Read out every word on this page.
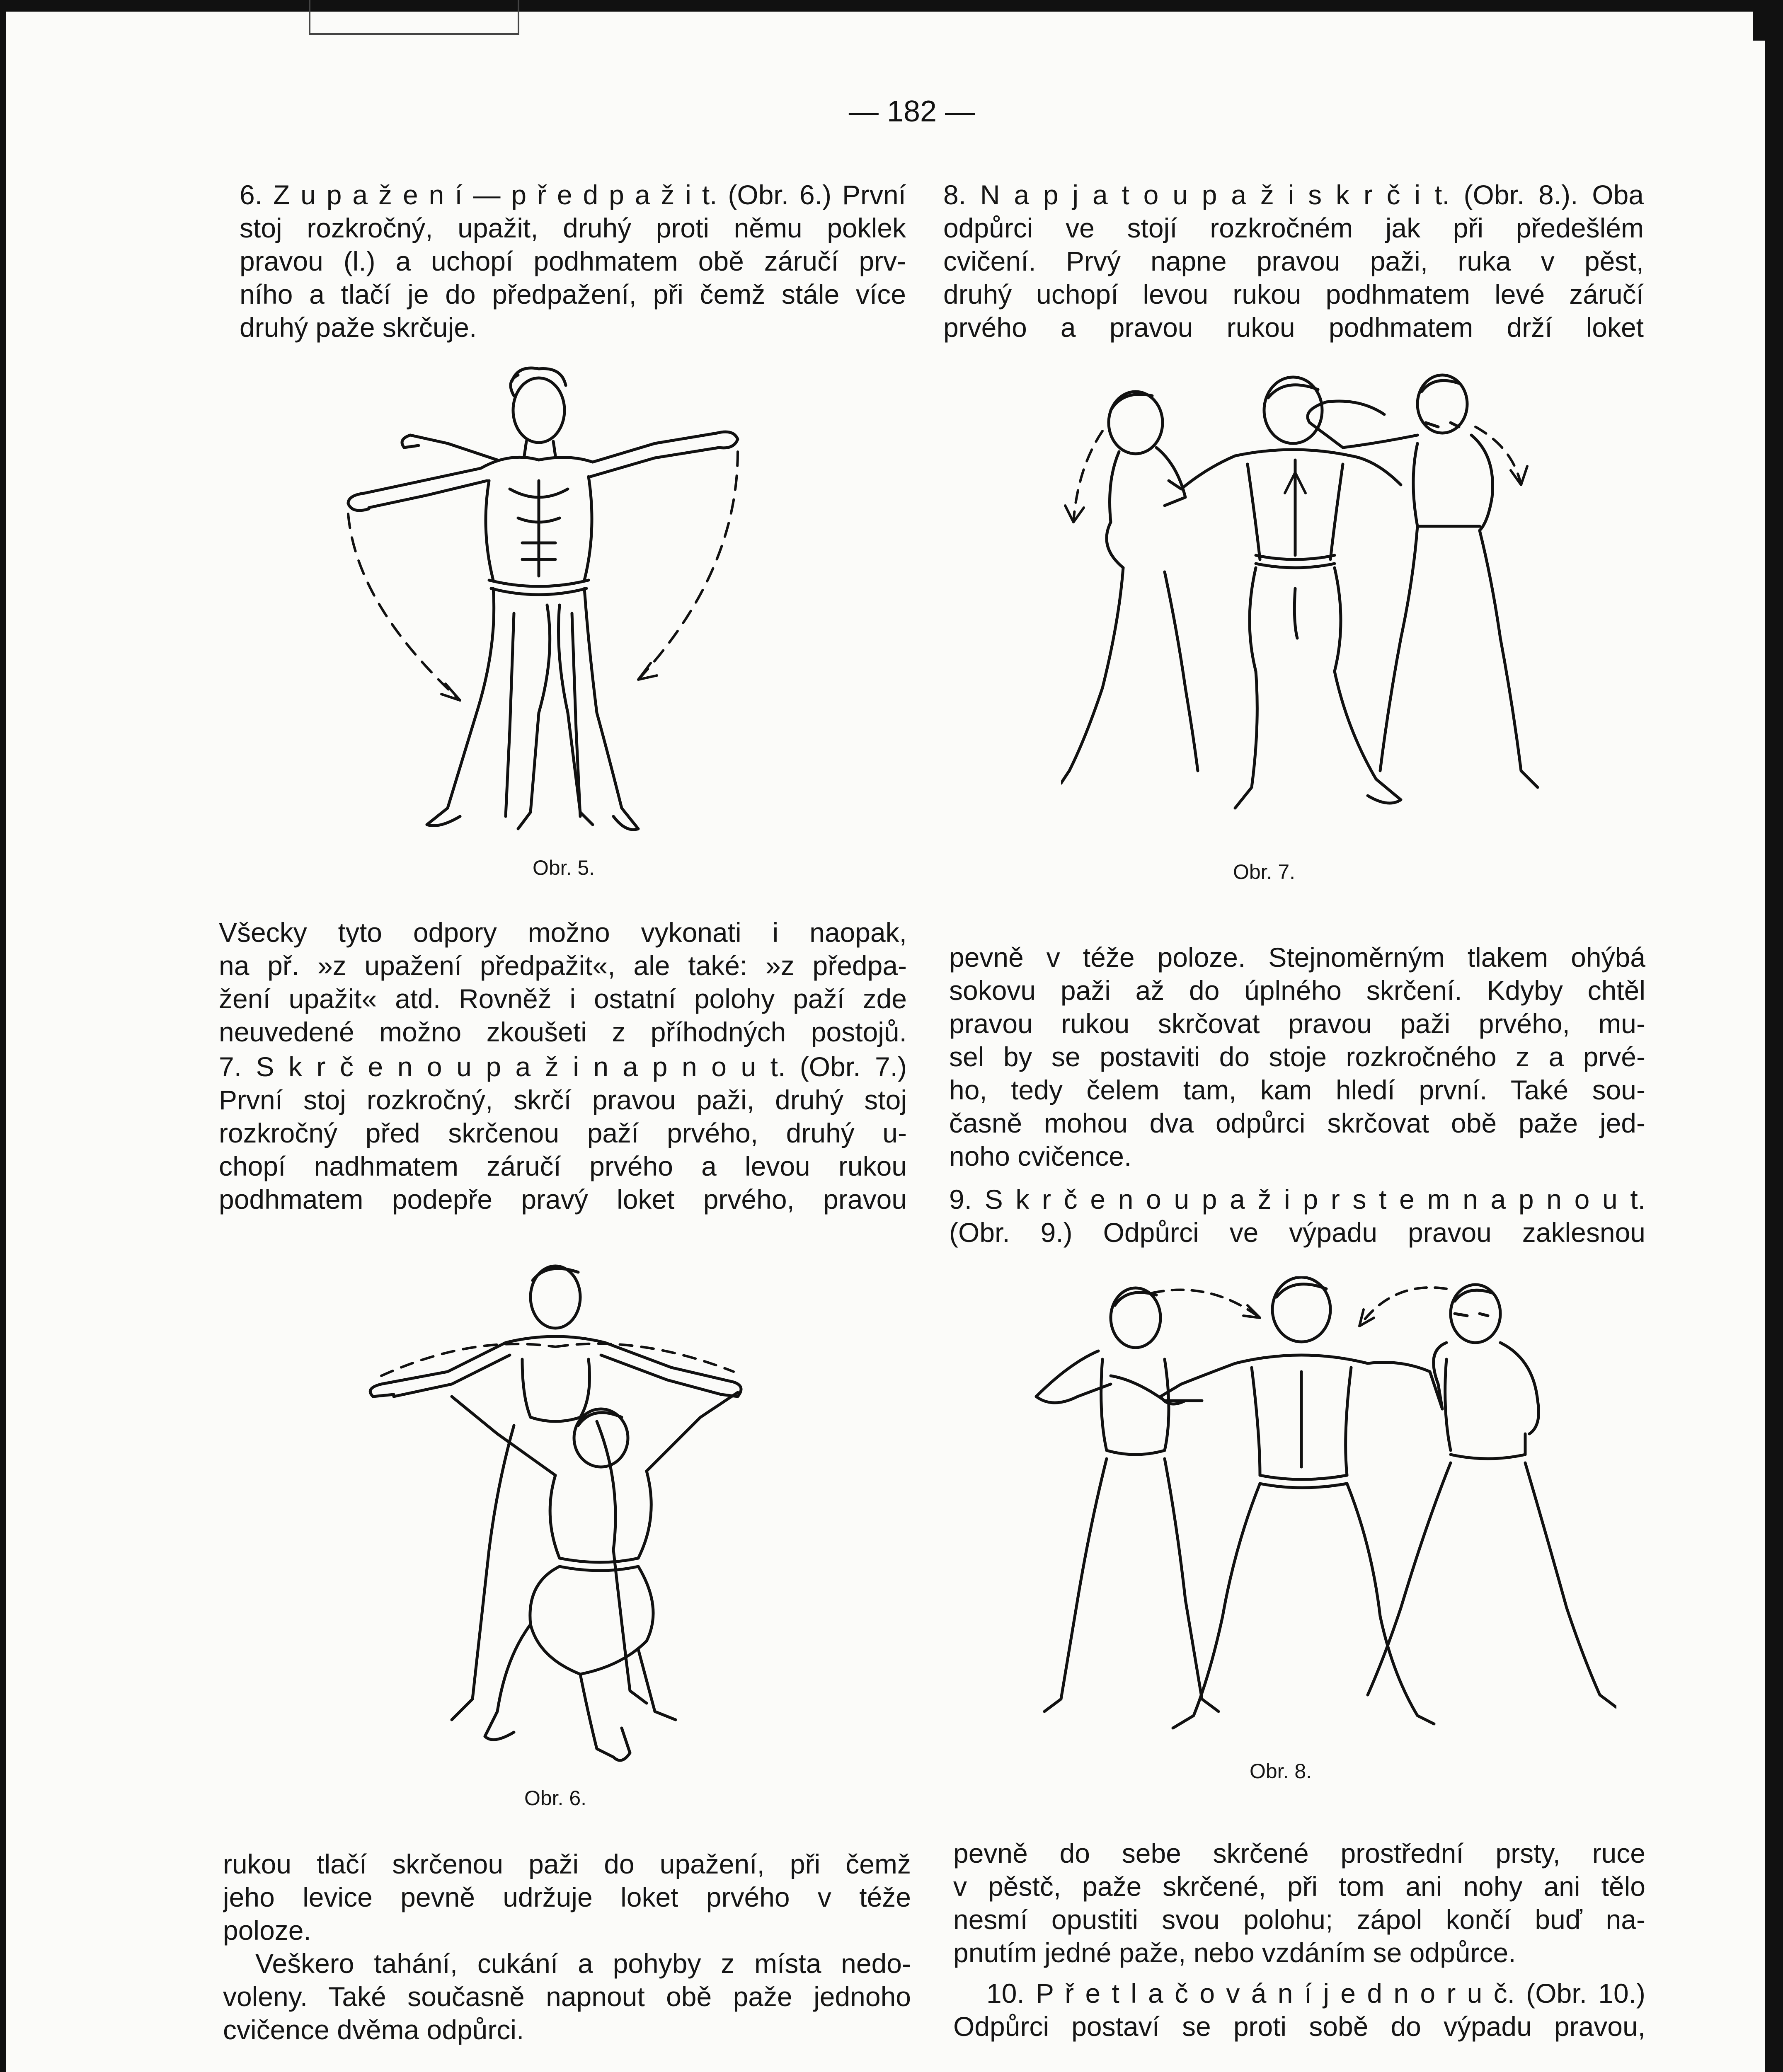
— 182 —
6. Z u p a ž e n í — p ř e d p a ž i t. (Obr. 6.) První
stoj rozkročný, upažit, druhý proti němu poklek
pravou (l.) a uchopí podhmatem obě záručí prv-
ního a tlačí je do předpažení, při čemž stále více
druhý paže skrčuje.
8. N a p j a t o u p a ž i s k r č i t. (Obr. 8.). Oba
odpůrci ve stojí rozkročném jak při předešlém
cvičení. Prvý napne pravou paži, ruka v pěst,
druhý uchopí levou rukou podhmatem levé záručí
prvého a pravou rukou podhmatem drží loket
Obr. 5.	Obr. 7.
Všecky tyto odpory možno vykonati i naopak,
na př. »z upažení předpažit«, ale také: »z předpa-
žení upažit« atd. Rovněž i ostatní polohy paží zde
neuvedené možno zkoušeti z příhodných postojů.
7. S k r č e n o u p a ž i n a p n o u t. (Obr. 7.)
První stoj rozkročný, skrčí pravou paži, druhý stoj
rozkročný před skrčenou paží prvého, druhý u-
chopí nadhmatem záručí prvého a levou rukou
podhmatem podepře pravý loket prvého, pravou
pevně v téže poloze. Stejnoměrným tlakem ohýbá
sokovu paži až do úplného skrčení. Kdyby chtěl
pravou rukou skrčovat pravou paži prvého, mu-
sel by se postaviti do stoje rozkročného z a prvé-
ho, tedy čelem tam, kam hledí první. Také sou-
časně mohou dva odpůrci skrčovat obě paže jed-
noho cvičence.
9. S k r č e n o u p a ž i p r s t e m n a p n o u t.
(Obr. 9.) Odpůrci ve výpadu pravou zaklesnou
Obr. 6.
Obr. 8.
rukou tlačí skrčenou paži do upažení, při čemž
jeho levice pevně udržuje loket prvého v téže
poloze.
Veškero tahání, cukání a pohyby z místa nedo-
voleny. Také současně napnout obě paže jednoho
cvičence dvěma odpůrci.
pevně do sebe skrčené prostřední prsty, ruce
v pěstč, paže skrčené, při tom ani nohy ani tělo
nesmí opustiti svou polohu; zápol končí buď na-
pnutím jedné paže, nebo vzdáním se odpůrce.
10. P ř e t l a č o v á n í j e d n o r u č. (Obr. 10.)
Odpůrci postaví se proti sobě do výpadu pravou,
